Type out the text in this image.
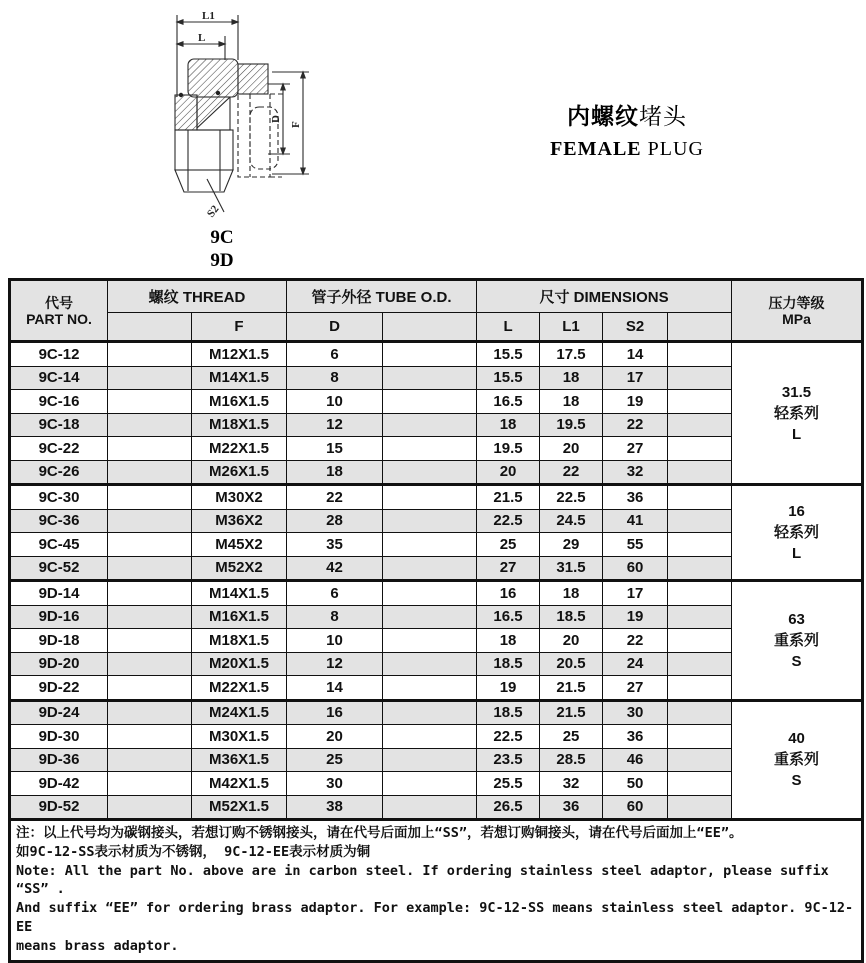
L1
L
D
F
S2
9C
9D
内螺纹堵头
FEMALE PLUG
代号
PART NO.
	螺纹 THREAD	管子外径 TUBE O.D.	尺寸 DIMENSIONS	压力等级
MPa

		F	D		L	L1	S2		
9C-12		M12X1.5	6		15.5	17.5	14		31.5
轻系列
L

9C-14		M14X1.5	8		15.5	18	17		
9C-16		M16X1.5	10		16.5	18	19		
9C-18		M18X1.5	12		18	19.5	22		
9C-22		M22X1.5	15		19.5	20	27		
9C-26		M26X1.5	18		20	22	32		
9C-30		M30X2	22		21.5	22.5	36		16
轻系列
L

9C-36		M36X2	28		22.5	24.5	41		
9C-45		M45X2	35		25	29	55		
9C-52		M52X2	42		27	31.5	60		
9D-14		M14X1.5	6		16	18	17		63
重系列
S

9D-16		M16X1.5	8		16.5	18.5	19		
9D-18		M18X1.5	10		18	20	22		
9D-20		M20X1.5	12		18.5	20.5	24		
9D-22		M22X1.5	14		19	21.5	27		
9D-24		M24X1.5	16		18.5	21.5	30		40
重系列
S

9D-30		M30X1.5	20		22.5	25	36		
9D-36		M36X1.5	25		23.5	28.5	46		
9D-42		M42X1.5	30		25.5	32	50		
9D-52		M52X1.5	38		26.5	36	60		

注：以上代号均为碳钢接头，若想订购不锈钢接头，请在代号后面加上“SS”，若想订购铜接头，请在代号后面加上“EE”。
如9C-12-SS表示材质为不锈钢， 9C-12-EE表示材质为铜
Note: All the part No. above are in carbon steel. If ordering stainless steel adaptor, please suffix “SS” .
And suffix “EE” for ordering brass adaptor. For example: 9C-12-SS means stainless steel adaptor. 9C-12-EE
means brass adaptor.									
